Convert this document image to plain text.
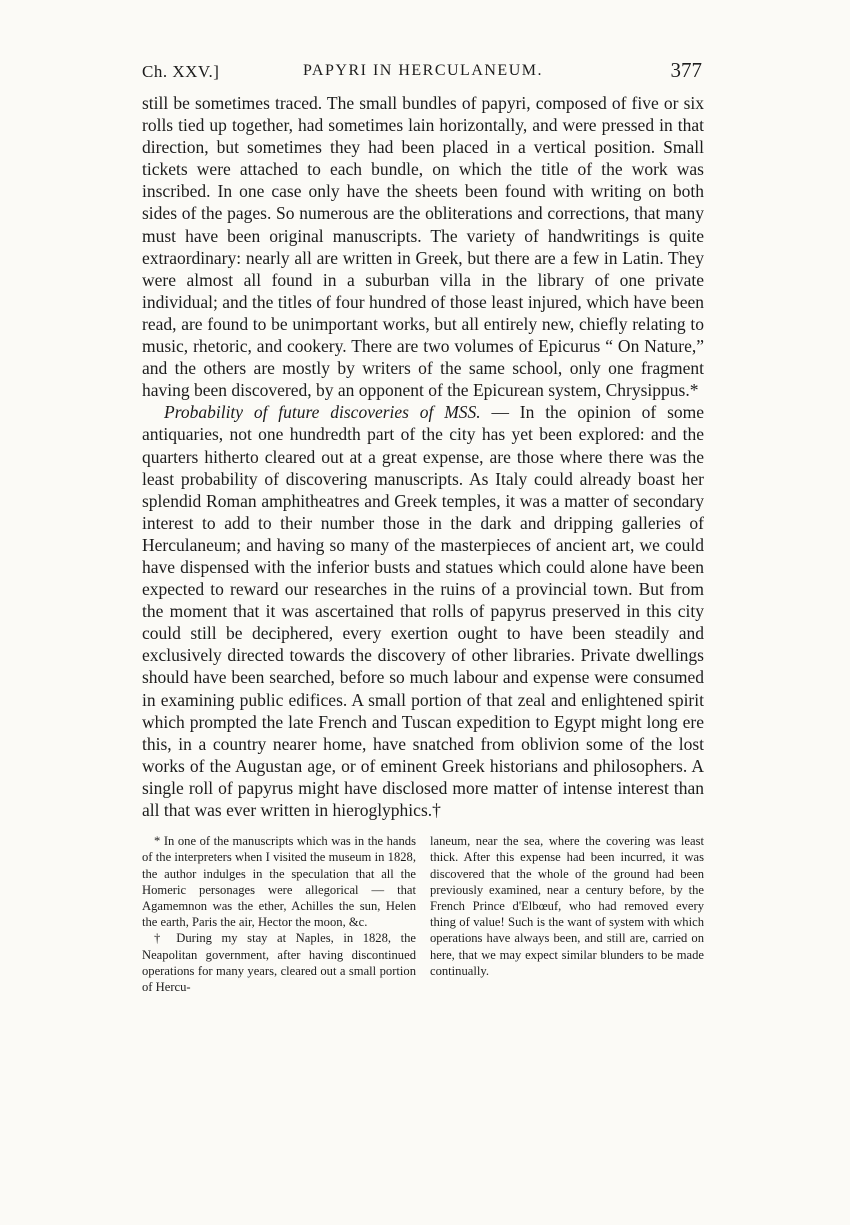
Ch. XXV.]	PAPYRI IN HERCULANEUM.	377

still be sometimes traced. The small bundles of papyri, composed of five or six rolls tied up together, had sometimes lain horizontally, and were pressed in that direction, but sometimes they had been placed in a vertical position. Small tickets were attached to each bundle, on which the title of the work was inscribed. In one case only have the sheets been found with writing on both sides of the pages. So numerous are the obliterations and corrections, that many must have been original manuscripts. The variety of handwritings is quite extraordinary: nearly all are written in Greek, but there are a few in Latin. They were almost all found in a suburban villa in the library of one private individual; and the titles of four hundred of those least injured, which have been read, are found to be unimportant works, but all entirely new, chiefly relating to music, rhetoric, and cookery. There are two volumes of Epicurus “ On Nature,” and the others are mostly by writers of the same school, only one fragment having been discovered, by an opponent of the Epicurean system, Chrysippus.*

Probability of future discoveries of MSS. — In the opinion of some antiquaries, not one hundredth part of the city has yet been explored: and the quarters hitherto cleared out at a great expense, are those where there was the least probability of discovering manuscripts. As Italy could already boast her splendid Roman amphitheatres and Greek temples, it was a matter of secondary interest to add to their number those in the dark and dripping galleries of Herculaneum; and having so many of the masterpieces of ancient art, we could have dispensed with the inferior busts and statues which could alone have been expected to reward our researches in the ruins of a provincial town. But from the moment that it was ascertained that rolls of papyrus preserved in this city could still be deciphered, every exertion ought to have been steadily and exclusively directed towards the discovery of other libraries. Private dwellings should have been searched, before so much labour and expense were consumed in examining public edifices. A small portion of that zeal and enlightened spirit which prompted the late French and Tuscan expedition to Egypt might long ere this, in a country nearer home, have snatched from oblivion some of the lost works of the Augustan age, or of eminent Greek historians and philosophers. A single roll of papyrus might have disclosed more matter of intense interest than all that was ever written in hieroglyphics.†

* In one of the manuscripts which was in the hands of the interpreters when I visited the museum in 1828, the author indulges in the speculation that all the Homeric personages were allegorical — that Agamemnon was the ether, Achilles the sun, Helen the earth, Paris the air, Hector the moon, &c.

† During my stay at Naples, in 1828, the Neapolitan government, after having discontinued operations for many years, cleared out a small portion of Hercu-

laneum, near the sea, where the covering was least thick. After this expense had been incurred, it was discovered that the whole of the ground had been previously examined, near a century before, by the French Prince d'Elbœuf, who had removed every thing of value! Such is the want of system with which operations have always been, and still are, carried on here, that we may expect similar blunders to be made continually.
